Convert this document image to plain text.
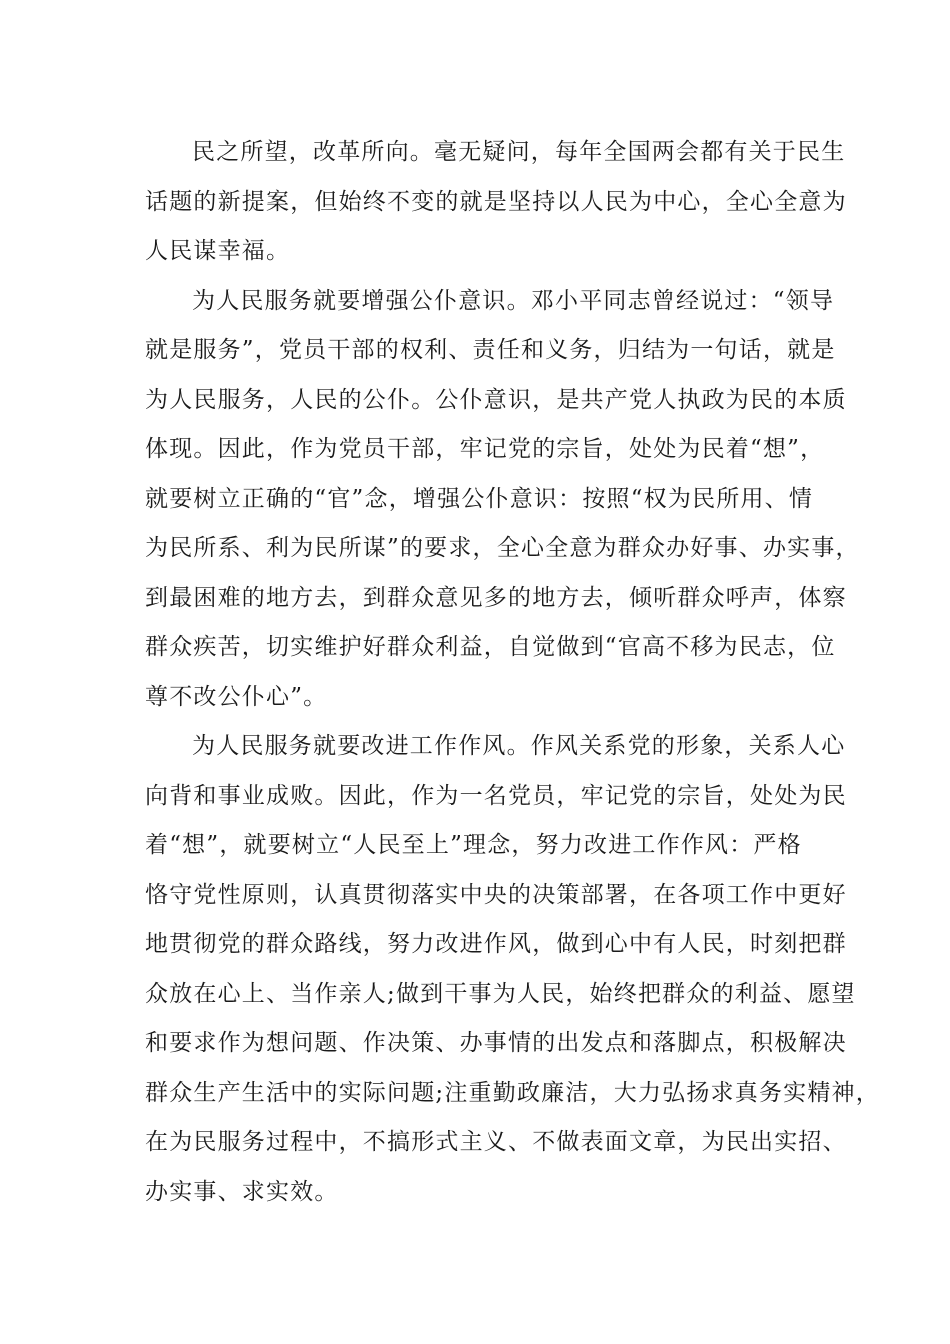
民之所望，改革所向。毫无疑问，每年全国两会都有关于民生
话题的新提案，但始终不变的就是坚持以人民为中心，全心全意为
人民谋幸福。
为人民服务就要增强公仆意识。邓小平同志曾经说过：“领导
就是服务”，党员干部的权利、责任和义务，归结为一句话，就是
为人民服务，人民的公仆。公仆意识，是共产党人执政为民的本质
体现。因此，作为党员干部，牢记党的宗旨，处处为民着“想”，
就要树立正确的“官”念，增强公仆意识：按照“权为民所用、情
为民所系、利为民所谋”的要求，全心全意为群众办好事、办实事，
到最困难的地方去，到群众意见多的地方去，倾听群众呼声，体察
群众疾苦，切实维护好群众利益，自觉做到“官高不移为民志，位
尊不改公仆心”。
为人民服务就要改进工作作风。作风关系党的形象，关系人心
向背和事业成败。因此，作为一名党员，牢记党的宗旨，处处为民
着“想”，就要树立“人民至上”理念，努力改进工作作风：严格
恪守党性原则，认真贯彻落实中央的决策部署，在各项工作中更好
地贯彻党的群众路线，努力改进作风，做到心中有人民，时刻把群
众放在心上、当作亲人;做到干事为人民，始终把群众的利益、愿望
和要求作为想问题、作决策、办事情的出发点和落脚点，积极解决
群众生产生活中的实际问题;注重勤政廉洁，大力弘扬求真务实精神，
在为民服务过程中，不搞形式主义、不做表面文章，为民出实招、
办实事、求实效。
